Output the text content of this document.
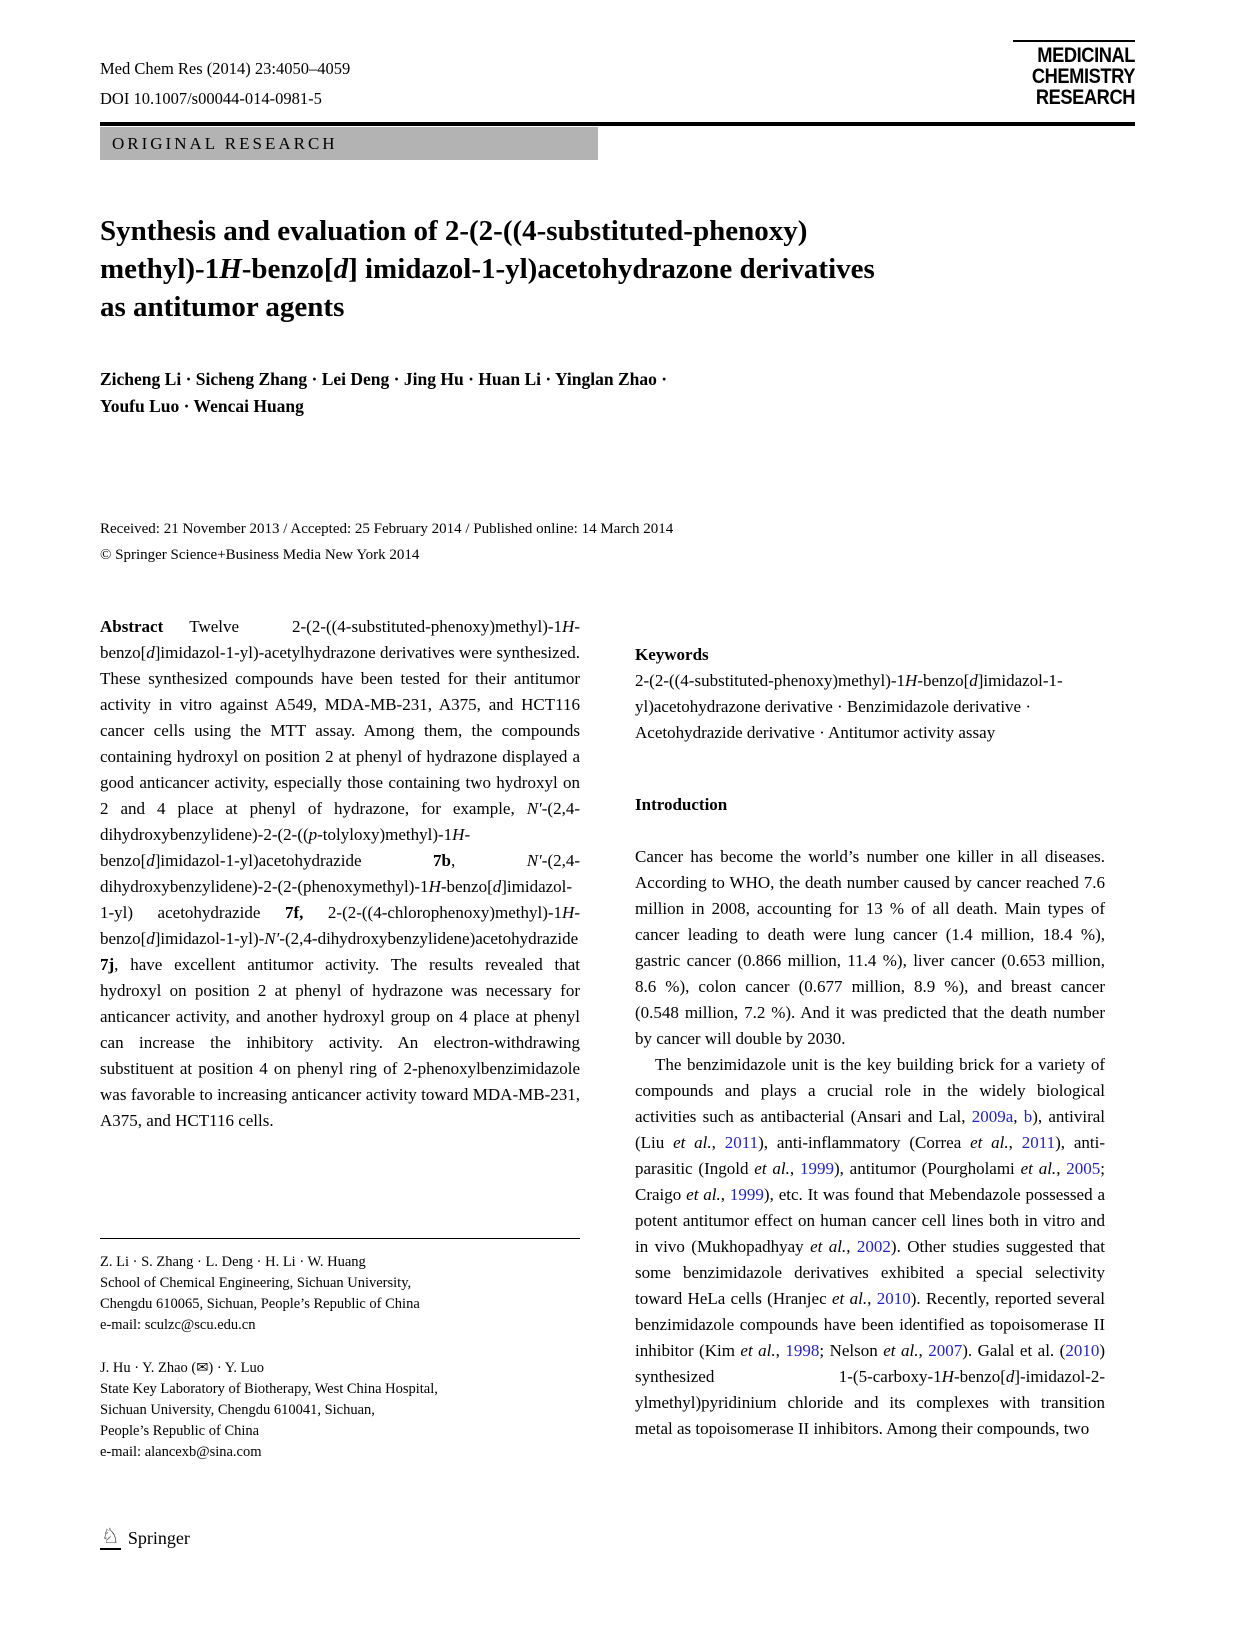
Med Chem Res (2014) 23:4050–4059
DOI 10.1007/s00044-014-0981-5
MEDICINAL
CHEMISTRY
RESEARCH
ORIGINAL RESEARCH
Synthesis and evaluation of 2-(2-((4-substituted-phenoxy)
methyl)-1H-benzo[d] imidazol-1-yl)acetohydrazone derivatives
as antitumor agents
Zicheng Li · Sicheng Zhang · Lei Deng · Jing Hu · Huan Li · Yinglan Zhao ·
Youfu Luo · Wencai Huang
Received: 21 November 2013 / Accepted: 25 February 2014 / Published online: 14 March 2014
© Springer Science+Business Media New York 2014

Abstract Twelve 2-(2-((4-substituted-phenoxy)methyl)-1H-benzo[d]imidazol-1-yl)-acetylhydrazone derivatives were synthesized. These synthesized compounds have been tested for their antitumor activity in vitro against A549, MDA-MB-231, A375, and HCT116 cancer cells using the MTT assay. Among them, the compounds containing hydroxyl on position 2 at phenyl of hydrazone displayed a good anticancer activity, especially those containing two hydroxyl on 2 and 4 place at phenyl of hydrazone, for example, N′-(2,4-dihydroxybenzylidene)-2-(2-((p-tolyloxy)methyl)-1H-benzo[d]imidazol-1-yl)acetohydrazide 7b, N′-(2,4-dihydroxybenzylidene)-2-(2-(phenoxymethyl)-1H-benzo[d]imidazol-1-yl) acetohydrazide 7f, 2-(2-((4-chlorophenoxy)methyl)-1H-benzo[d]imidazol-1-yl)-N′-(2,4-dihydroxybenzylidene)acetohydrazide 7j, have excellent antitumor activity. The results revealed that hydroxyl on position 2 at phenyl of hydrazone was necessary for anticancer activity, and another hydroxyl group on 4 place at phenyl can increase the inhibitory activity. An electron-withdrawing substituent at position 4 on phenyl ring of 2-phenoxylbenzimidazole was favorable to increasing anticancer activity toward MDA-MB-231, A375, and HCT116 cells.

Z. Li · S. Zhang · L. Deng · H. Li · W. Huang
School of Chemical Engineering, Sichuan University,
Chengdu 610065, Sichuan, People’s Republic of China
e-mail: sculzc@scu.edu.cn
J. Hu · Y. Zhao (✉) · Y. Luo
State Key Laboratory of Biotherapy, West China Hospital,
Sichuan University, Chengdu 610041, Sichuan,
People’s Republic of China
e-mail: alancexb@sina.com
Keywords

2-(2-((4-substituted-phenoxy)methyl)-1H-benzo[d]imidazol-1-yl)acetohydrazone derivative · Benzimidazole derivative · Acetohydrazide derivative · Antitumor activity assay

Introduction

Cancer has become the world’s number one killer in all diseases. According to WHO, the death number caused by cancer reached 7.6 million in 2008, accounting for 13 % of all death. Main types of cancer leading to death were lung cancer (1.4 million, 18.4 %), gastric cancer (0.866 million, 11.4 %), liver cancer (0.653 million, 8.6 %), colon cancer (0.677 million, 8.9 %), and breast cancer (0.548 million, 7.2 %). And it was predicted that the death number by cancer will double by 2030.

The benzimidazole unit is the key building brick for a variety of compounds and plays a crucial role in the widely biological activities such as antibacterial (Ansari and Lal, 2009a, b), antiviral (Liu et al., 2011), anti-inflammatory (Correa et al., 2011), anti-parasitic (Ingold et al., 1999), antitumor (Pourgholami et al., 2005; Craigo et al., 1999), etc. It was found that Mebendazole possessed a potent antitumor effect on human cancer cell lines both in vitro and in vivo (Mukhopadhyay et al., 2002). Other studies suggested that some benzimidazole derivatives exhibited a special selectivity toward HeLa cells (Hranjec et al., 2010). Recently, reported several benzimidazole compounds have been identified as topoisomerase II inhibitor (Kim et al., 1998; Nelson et al., 2007). Galal et al. (2010) synthesized 1-(5-carboxy-1H-benzo[d]-imidazol-2-ylmethyl)pyridinium chloride and its complexes with transition metal as topoisomerase II inhibitors. Among their compounds, two

♘ Springer
